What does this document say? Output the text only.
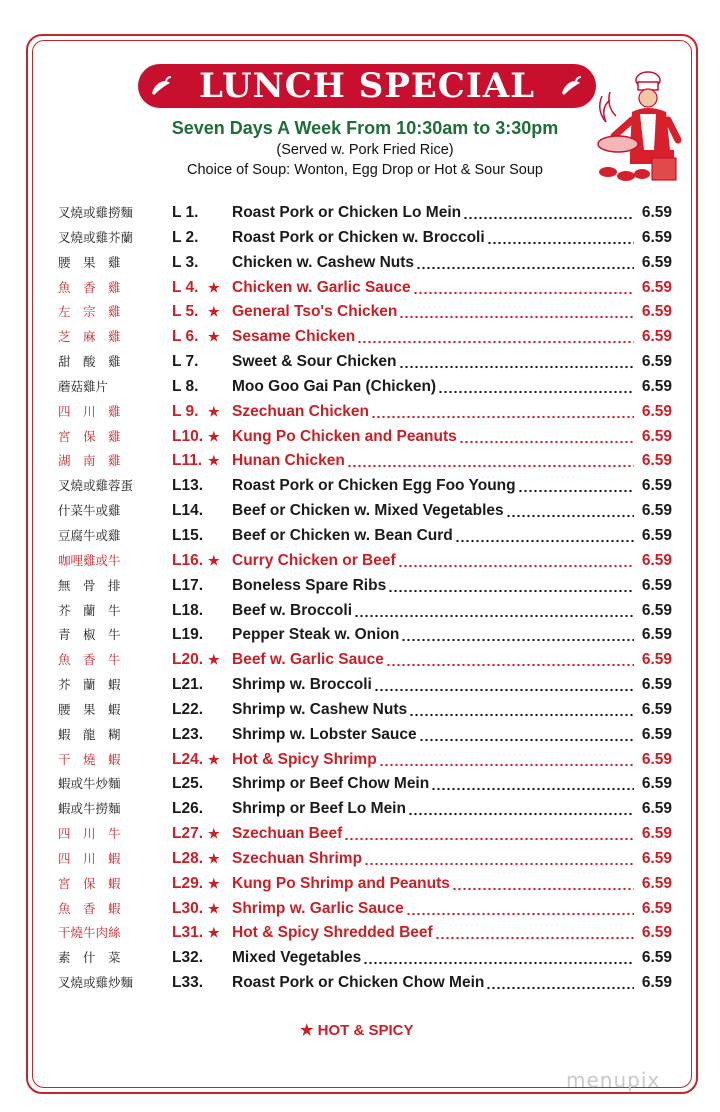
LUNCH SPECIAL
Seven Days A Week From 10:30am to 3:30pm
(Served w. Pork Fried Rice)
Choice of Soup: Wonton, Egg Drop or Hot & Sour Soup
叉燒或雞撈麵	L 1.	Roast Pork or Chicken Lo Mein	6.59
叉燒或雞芥蘭	L 2.	Roast Pork or Chicken w. Broccoli	6.59
腰　果　雞	L 3.	Chicken w. Cashew Nuts	6.59
魚　香　雞	L 4. ★ Chicken w. Garlic Sauce	6.59
左　宗　雞	L 5. ★ General Tso's Chicken	6.59
芝　麻　雞	L 6. ★ Sesame Chicken	6.59
甜　酸　雞	L 7.	Sweet & Sour Chicken	6.59
蘑菇雞片	L 8.	Moo Goo Gai Pan (Chicken)	6.59
四　川　雞	L 9. ★ Szechuan Chicken	6.59
宮　保　雞	L10. ★ Kung Po Chicken and Peanuts	6.59
湖　南　雞	L11. ★ Hunan Chicken	6.59
叉燒或雞蓉蛋	L13.	Roast Pork or Chicken Egg Foo Young	6.59
什菜牛或雞	L14.	Beef or Chicken w. Mixed Vegetables	6.59
豆腐牛或雞	L15.	Beef or Chicken w. Bean Curd	6.59
咖哩雞或牛	L16. ★ Curry Chicken or Beef	6.59
無　骨　排	L17.	Boneless Spare Ribs	6.59
芥　蘭　牛	L18.	Beef w. Broccoli	6.59
青　椒　牛	L19.	Pepper Steak w. Onion	6.59
魚　香　牛	L20. ★ Beef w. Garlic Sauce	6.59
芥　蘭　蝦	L21.	Shrimp w. Broccoli	6.59
腰　果　蝦	L22.	Shrimp w. Cashew Nuts	6.59
蝦　龍　糊	L23.	Shrimp w. Lobster Sauce	6.59
干　燒　蝦	L24. ★ Hot & Spicy Shrimp	6.59
蝦或牛炒麵	L25.	Shrimp or Beef Chow Mein	6.59
蝦或牛撈麵	L26.	Shrimp or Beef Lo Mein	6.59
四　川　牛	L27. ★ Szechuan Beef	6.59
四　川　蝦	L28. ★ Szechuan Shrimp	6.59
宮　保　蝦	L29. ★ Kung Po Shrimp and Peanuts	6.59
魚　香　蝦	L30. ★ Shrimp w. Garlic Sauce	6.59
干燒牛肉絲	L31. ★ Hot & Spicy Shredded Beef	6.59
素　什　菜	L32.	Mixed Vegetables	6.59
叉燒或雞炒麵	L33.	Roast Pork or Chicken Chow Mein	6.59
★ HOT & SPICY
menupix
